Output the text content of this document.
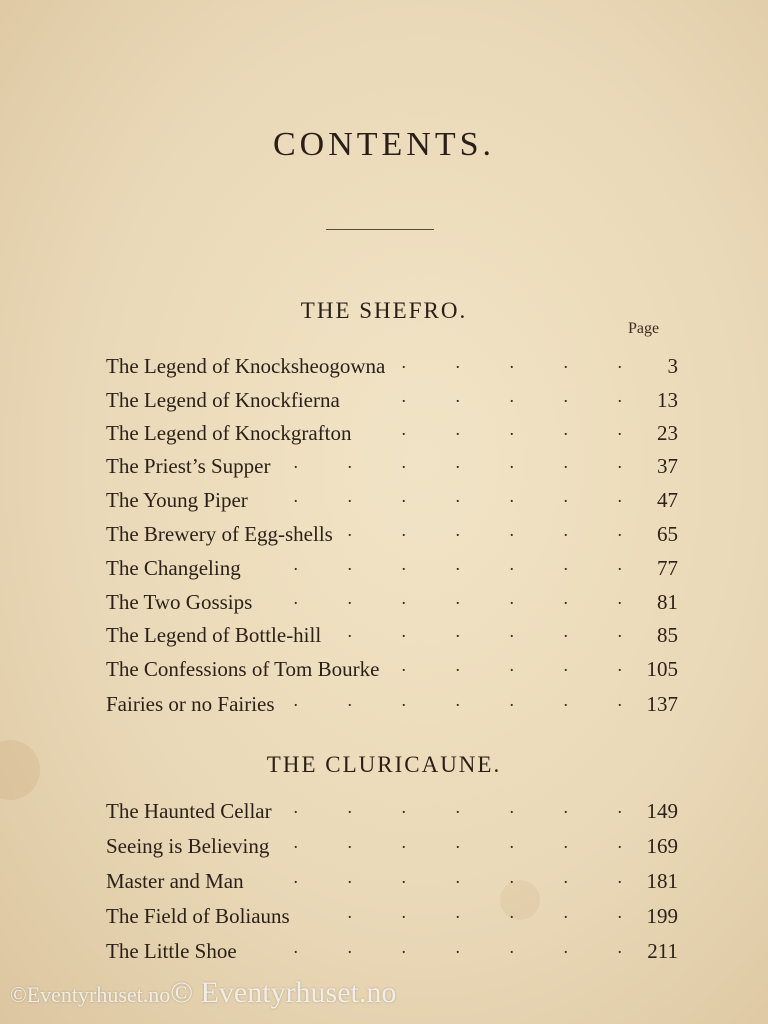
CONTENTS.
THE SHEFRO.
Page
The Legend of Knocksheogowna .	3
The Legend of Knockfierna .	13
The Legend of Knockgrafton .	23
The Priest’s Supper .	37
The Young Piper .	47
The Brewery of Egg-shells .	65
The Changeling .	77
The Two Gossips .	81
The Legend of Bottle-hill .	85
The Confessions of Tom Bourke .	105
Fairies or no Fairies .	137
THE CLURICAUNE.
The Haunted Cellar .	149
Seeing is Believing .	169
Master and Man .	181
The Field of Boliauns .	199
The Little Shoe .	211
©Eventyrhuset.no© Eventyrhuset.no
